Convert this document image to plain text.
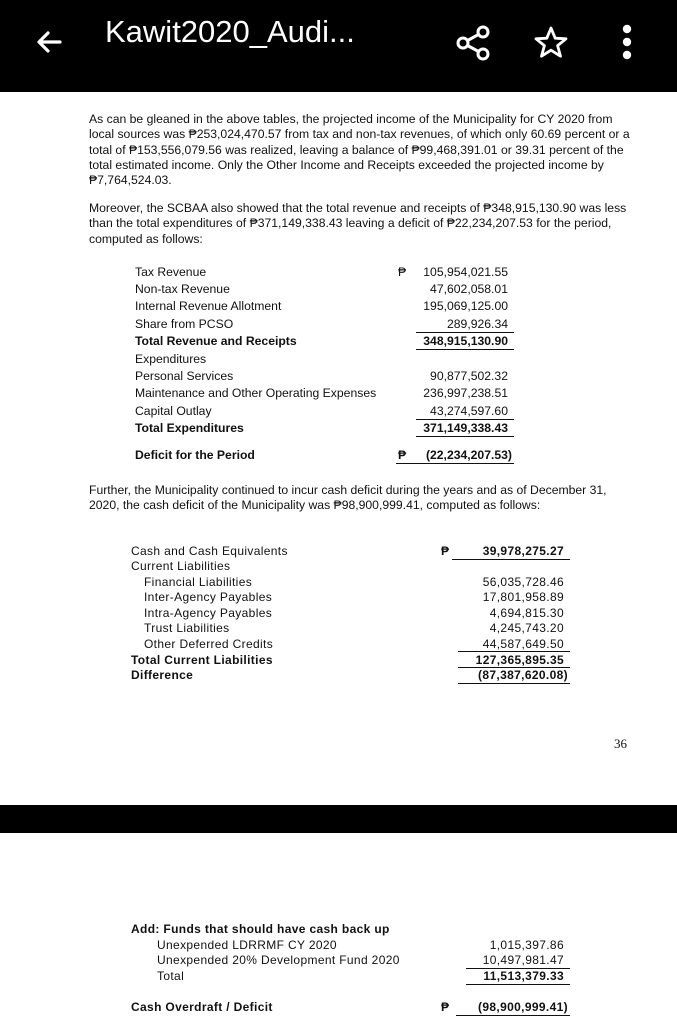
Kawit2020_Audi...
As can be gleaned in the above tables, the projected income of the Municipality for CY 2020 from local sources was ₱253,024,470.57 from tax and non-tax revenues, of which only 60.69 percent or a total of ₱153,556,079.56 was realized, leaving a balance of ₱99,468,391.01 or 39.31 percent of the total estimated income. Only the Other Income and Receipts exceeded the projected income by ₱7,764,524.03.
Moreover, the SCBAA also showed that the total revenue and receipts of ₱348,915,130.90 was less than the total expenditures of ₱371,149,338.43 leaving a deficit of ₱22,234,207.53 for the period, computed as follows:
Tax Revenue	₱	105,954,021.55
Non-tax Revenue	47,602,058.01
Internal Revenue Allotment	195,069,125.00
Share from PCSO	289,926.34
Total Revenue and Receipts	348,915,130.90
Expenditures
Personal Services	90,877,502.32
Maintenance and Other Operating Expenses	236,997,238.51
Capital Outlay	43,274,597.60
Total Expenditures	371,149,338.43
Deficit for the Period	₱	(22,234,207.53)
Further, the Municipality continued to incur cash deficit during the years and as of December 31, 2020, the cash deficit of the Municipality was ₱98,900,999.41, computed as follows:
Cash and Cash Equivalents	₱	39,978,275.27
Current Liabilities
Financial Liabilities	56,035,728.46
Inter-Agency Payables	17,801,958.89
Intra-Agency Payables	4,694,815.30
Trust Liabilities	4,245,743.20
Other Deferred Credits	44,587,649.50
Total Current Liabilities	127,365,895.35
Difference	(87,387,620.08)
36
Add: Funds that should have cash back up
Unexpended LDRRMF CY 2020	1,015,397.86
Unexpended 20% Development Fund 2020	10,497,981.47
Total	11,513,379.33
Cash Overdraft / Deficit	₱	(98,900,999.41)
